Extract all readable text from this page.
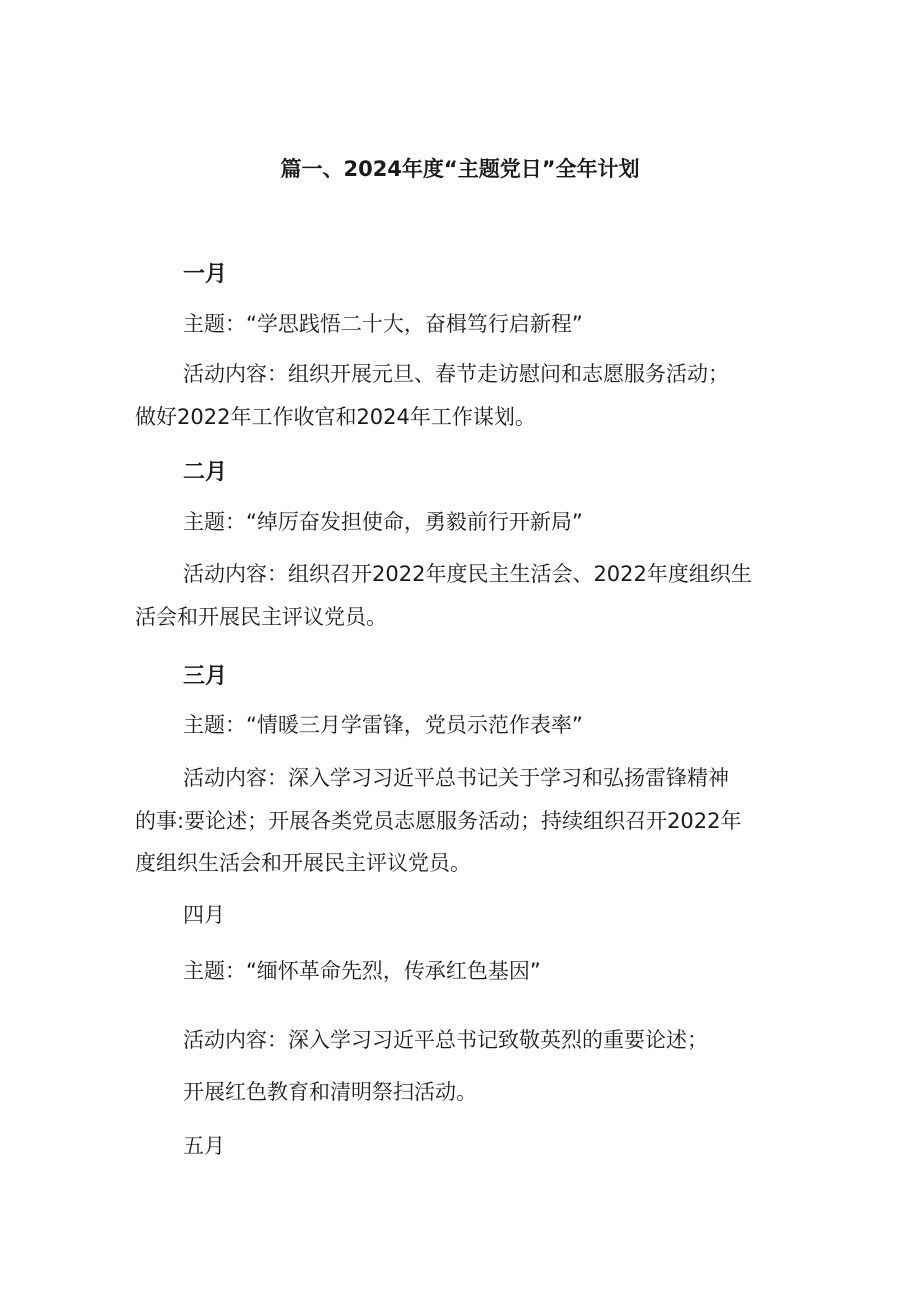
篇一、2024年度“主题党日”全年计划
一月
主题：“学思践悟二十大，奋楫笃行启新程”
活动内容：组织开展元旦、春节走访慰问和志愿服务活动；
做好2022年工作收官和2024年工作谋划。
二月
主题：“绰厉奋发担使命，勇毅前行开新局”
活动内容：组织召开2022年度民主生活会、2022年度组织生
活会和开展民主评议党员。
三月
主题：“情暖三月学雷锋，党员示范作表率”
活动内容：深入学习习近平总书记关于学习和弘扬雷锋精神
的事:要论述；开展各类党员志愿服务活动；持续组织召开2022年
度组织生活会和开展民主评议党员。
四月
主题：“缅怀革命先烈，传承红色基因”
活动内容：深入学习习近平总书记致敬英烈的重要论述；
开展红色教育和清明祭扫活动。
五月
